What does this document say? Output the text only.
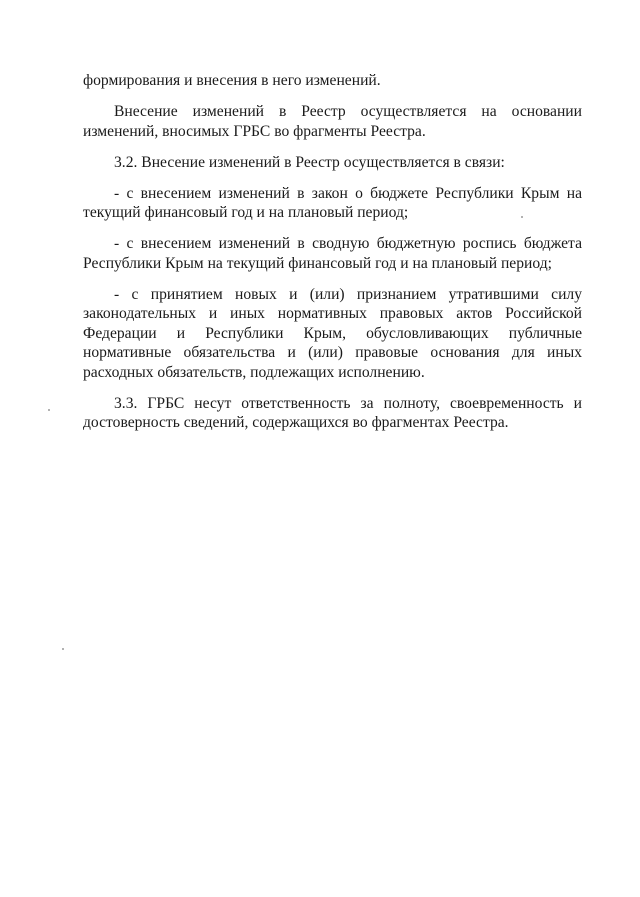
формирования и внесения в него изменений.

Внесение изменений в Реестр осуществляется на основании изменений, вносимых ГРБС во фрагменты Реестра.

3.2. Внесение изменений в Реестр осуществляется в связи:

- с внесением изменений в закон о бюджете Республики Крым на текущий финансовый год и на плановый период;

- с внесением изменений в сводную бюджетную роспись бюджета Республики Крым на текущий финансовый год и на плановый период;

- с принятием новых и (или) признанием утратившими силу законодательных и иных нормативных правовых актов Российской Федерации и Республики Крым, обусловливающих публичные нормативные обязательства и (или) правовые основания для иных расходных обязательств, подлежащих исполнению.

3.3. ГРБС несут ответственность за полноту, своевременность и достоверность сведений, содержащихся во фрагментах Реестра.
